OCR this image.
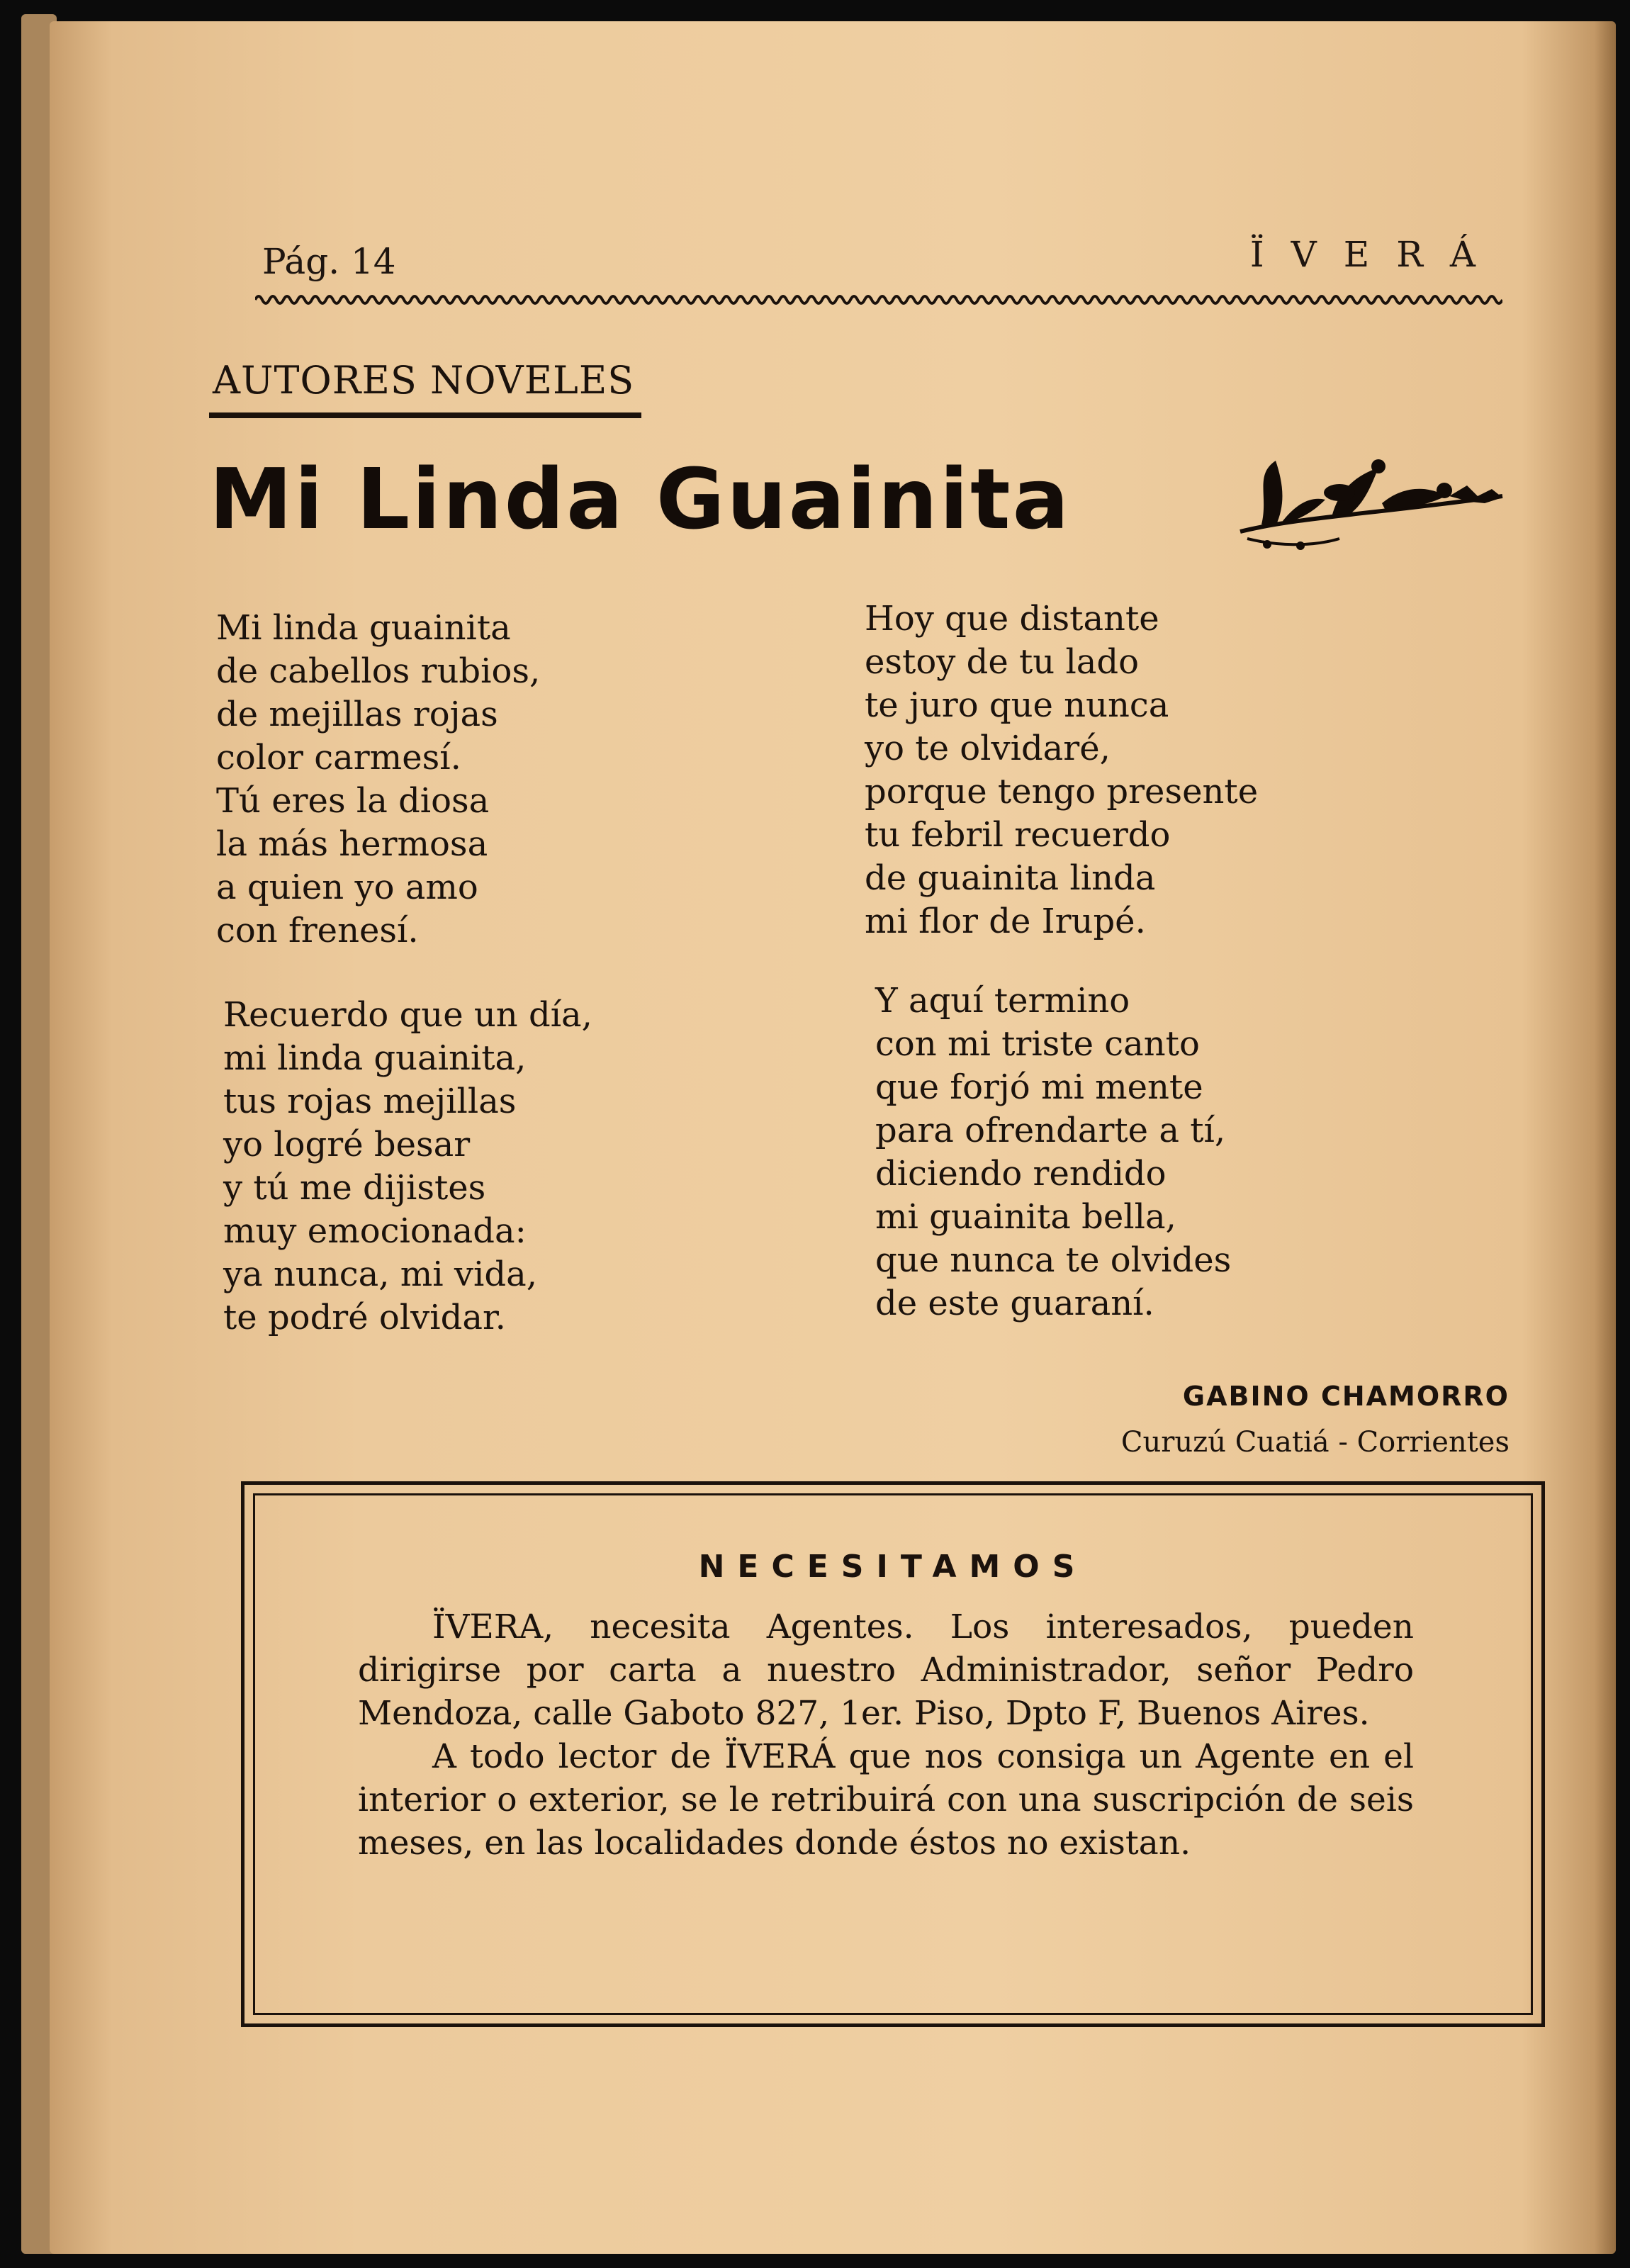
Pág. 14	ÏVERÁ
AUTORES NOVELES
Mi Linda Guainita
Mi linda guainita
de cabellos rubios,
de mejillas rojas
color carmesí.
Tú eres la diosa
la más hermosa
a quien yo amo
con frenesí.
Recuerdo que un día,
mi linda guainita,
tus rojas mejillas
yo logré besar
y tú me dijistes
muy emocionada:
ya nunca, mi vida,
te podré olvidar.
Hoy que distante
estoy de tu lado
te juro que nunca
yo te olvidaré,
porque tengo presente
tu febril recuerdo
de guainita linda
mi flor de Irupé.
Y aquí termino
con mi triste canto
que forjó mi mente
para ofrendarte a tí,
diciendo rendido
mi guainita bella,
que nunca te olvides
de este guaraní.
GABINO CHAMORRO
Curuzú Cuatiá - Corrientes
NECESITAMOS

ÏVERA, necesita Agentes. Los interesados, pueden dirigirse por carta a nuestro Administrador, señor Pedro Mendoza, calle Gaboto 827, 1er. Piso, Dpto F, Buenos Aires.

A todo lector de ÏVERÁ que nos consiga un Agente en el interior o exterior, se le retribuirá con una suscripción de seis meses, en las localidades donde éstos no existan.
